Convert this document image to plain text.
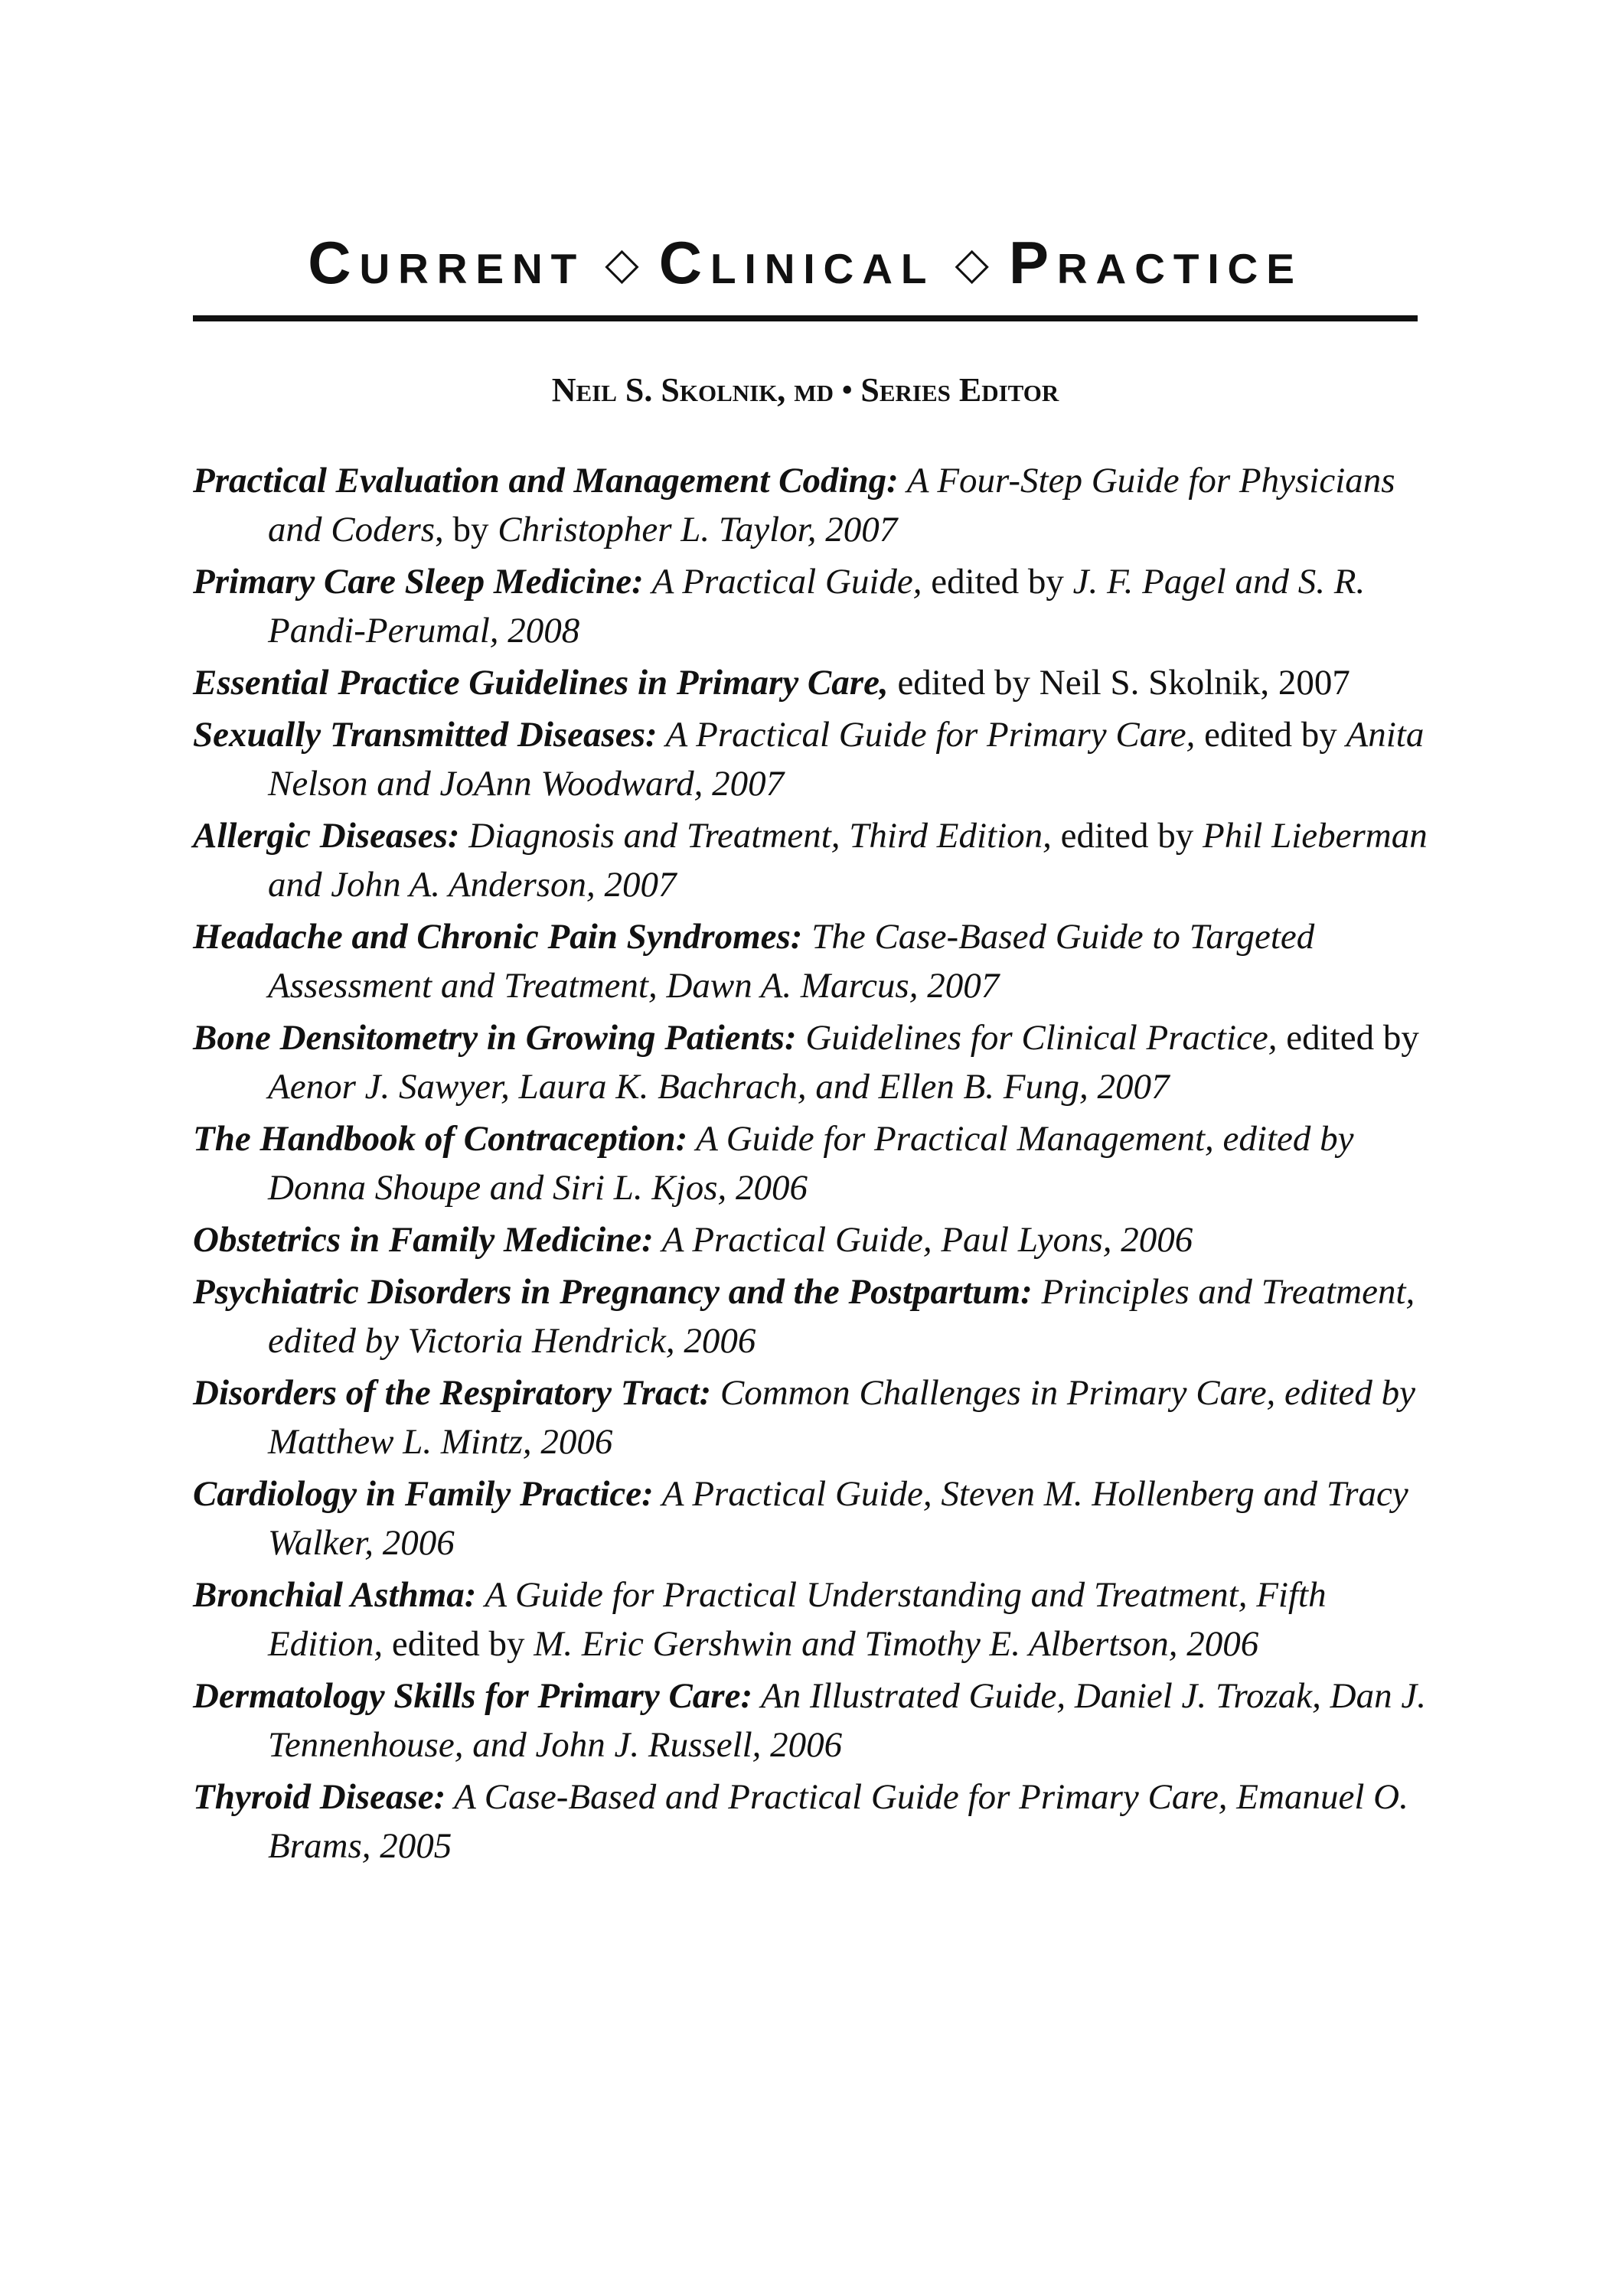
Current ◇ Clinical ◇ Practice
Neil S. Skolnik, md • Series Editor
Practical Evaluation and Management Coding: A Four-Step Guide for Physicians and Coders, by Christopher L. Taylor, 2007
Primary Care Sleep Medicine: A Practical Guide, edited by J. F. Pagel and S. R. Pandi-Perumal, 2008
Essential Practice Guidelines in Primary Care, edited by Neil S. Skolnik, 2007
Sexually Transmitted Diseases: A Practical Guide for Primary Care, edited by Anita Nelson and JoAnn Woodward, 2007
Allergic Diseases: Diagnosis and Treatment, Third Edition, edited by Phil Lieberman and John A. Anderson, 2007
Headache and Chronic Pain Syndromes: The Case-Based Guide to Targeted Assessment and Treatment, Dawn A. Marcus, 2007
Bone Densitometry in Growing Patients: Guidelines for Clinical Practice, edited by Aenor J. Sawyer, Laura K. Bachrach, and Ellen B. Fung, 2007
The Handbook of Contraception: A Guide for Practical Management, edited by Donna Shoupe and Siri L. Kjos, 2006
Obstetrics in Family Medicine: A Practical Guide, Paul Lyons, 2006
Psychiatric Disorders in Pregnancy and the Postpartum: Principles and Treatment, edited by Victoria Hendrick, 2006
Disorders of the Respiratory Tract: Common Challenges in Primary Care, edited by Matthew L. Mintz, 2006
Cardiology in Family Practice: A Practical Guide, Steven M. Hollenberg and Tracy Walker, 2006
Bronchial Asthma: A Guide for Practical Understanding and Treatment, Fifth Edition, edited by M. Eric Gershwin and Timothy E. Albertson, 2006
Dermatology Skills for Primary Care: An Illustrated Guide, Daniel J. Trozak, Dan J. Tennenhouse, and John J. Russell, 2006
Thyroid Disease: A Case-Based and Practical Guide for Primary Care, Emanuel O. Brams, 2005
